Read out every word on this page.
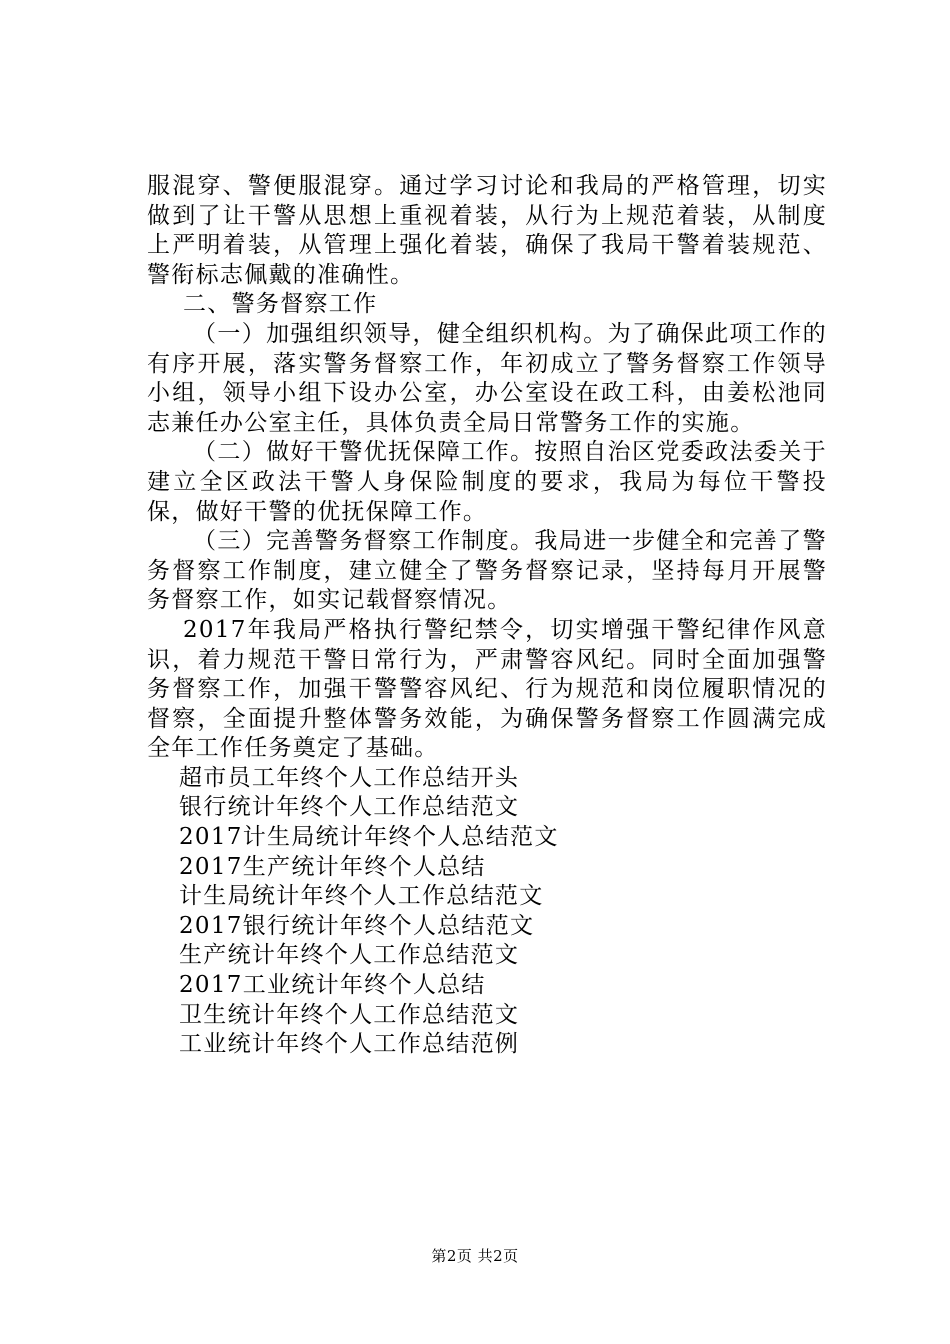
服混穿、警便服混穿。通过学习讨论和我局的严格管理，切实做到了让干警从思想上重视着装，从行为上规范着装，从制度上严明着装，从管理上强化着装，确保了我局干警着装规范、警衔标志佩戴的准确性。

二、警务督察工作

（一）加强组织领导，健全组织机构。为了确保此项工作的有序开展，落实警务督察工作，年初成立了警务督察工作领导小组，领导小组下设办公室，办公室设在政工科，由姜松池同志兼任办公室主任，具体负责全局日常警务工作的实施。

（二）做好干警优抚保障工作。按照自治区党委政法委关于建立全区政法干警人身保险制度的要求，我局为每位干警投保，做好干警的优抚保障工作。

（三）完善警务督察工作制度。我局进一步健全和完善了警务督察工作制度，建立健全了警务督察记录，坚持每月开展警务督察工作，如实记载督察情况。

2017年我局严格执行警纪禁令，切实增强干警纪律作风意识，着力规范干警日常行为，严肃警容风纪。同时全面加强警务督察工作，加强干警警容风纪、行为规范和岗位履职情况的督察，全面提升整体警务效能，为确保警务督察工作圆满完成全年工作任务奠定了基础。

超市员工年终个人工作总结开头
银行统计年终个人工作总结范文
2017计生局统计年终个人总结范文
2017生产统计年终个人总结
计生局统计年终个人工作总结范文
2017银行统计年终个人总结范文
生产统计年终个人工作总结范文
2017工业统计年终个人总结
卫生统计年终个人工作总结范文
工业统计年终个人工作总结范例
第2页 共2页
